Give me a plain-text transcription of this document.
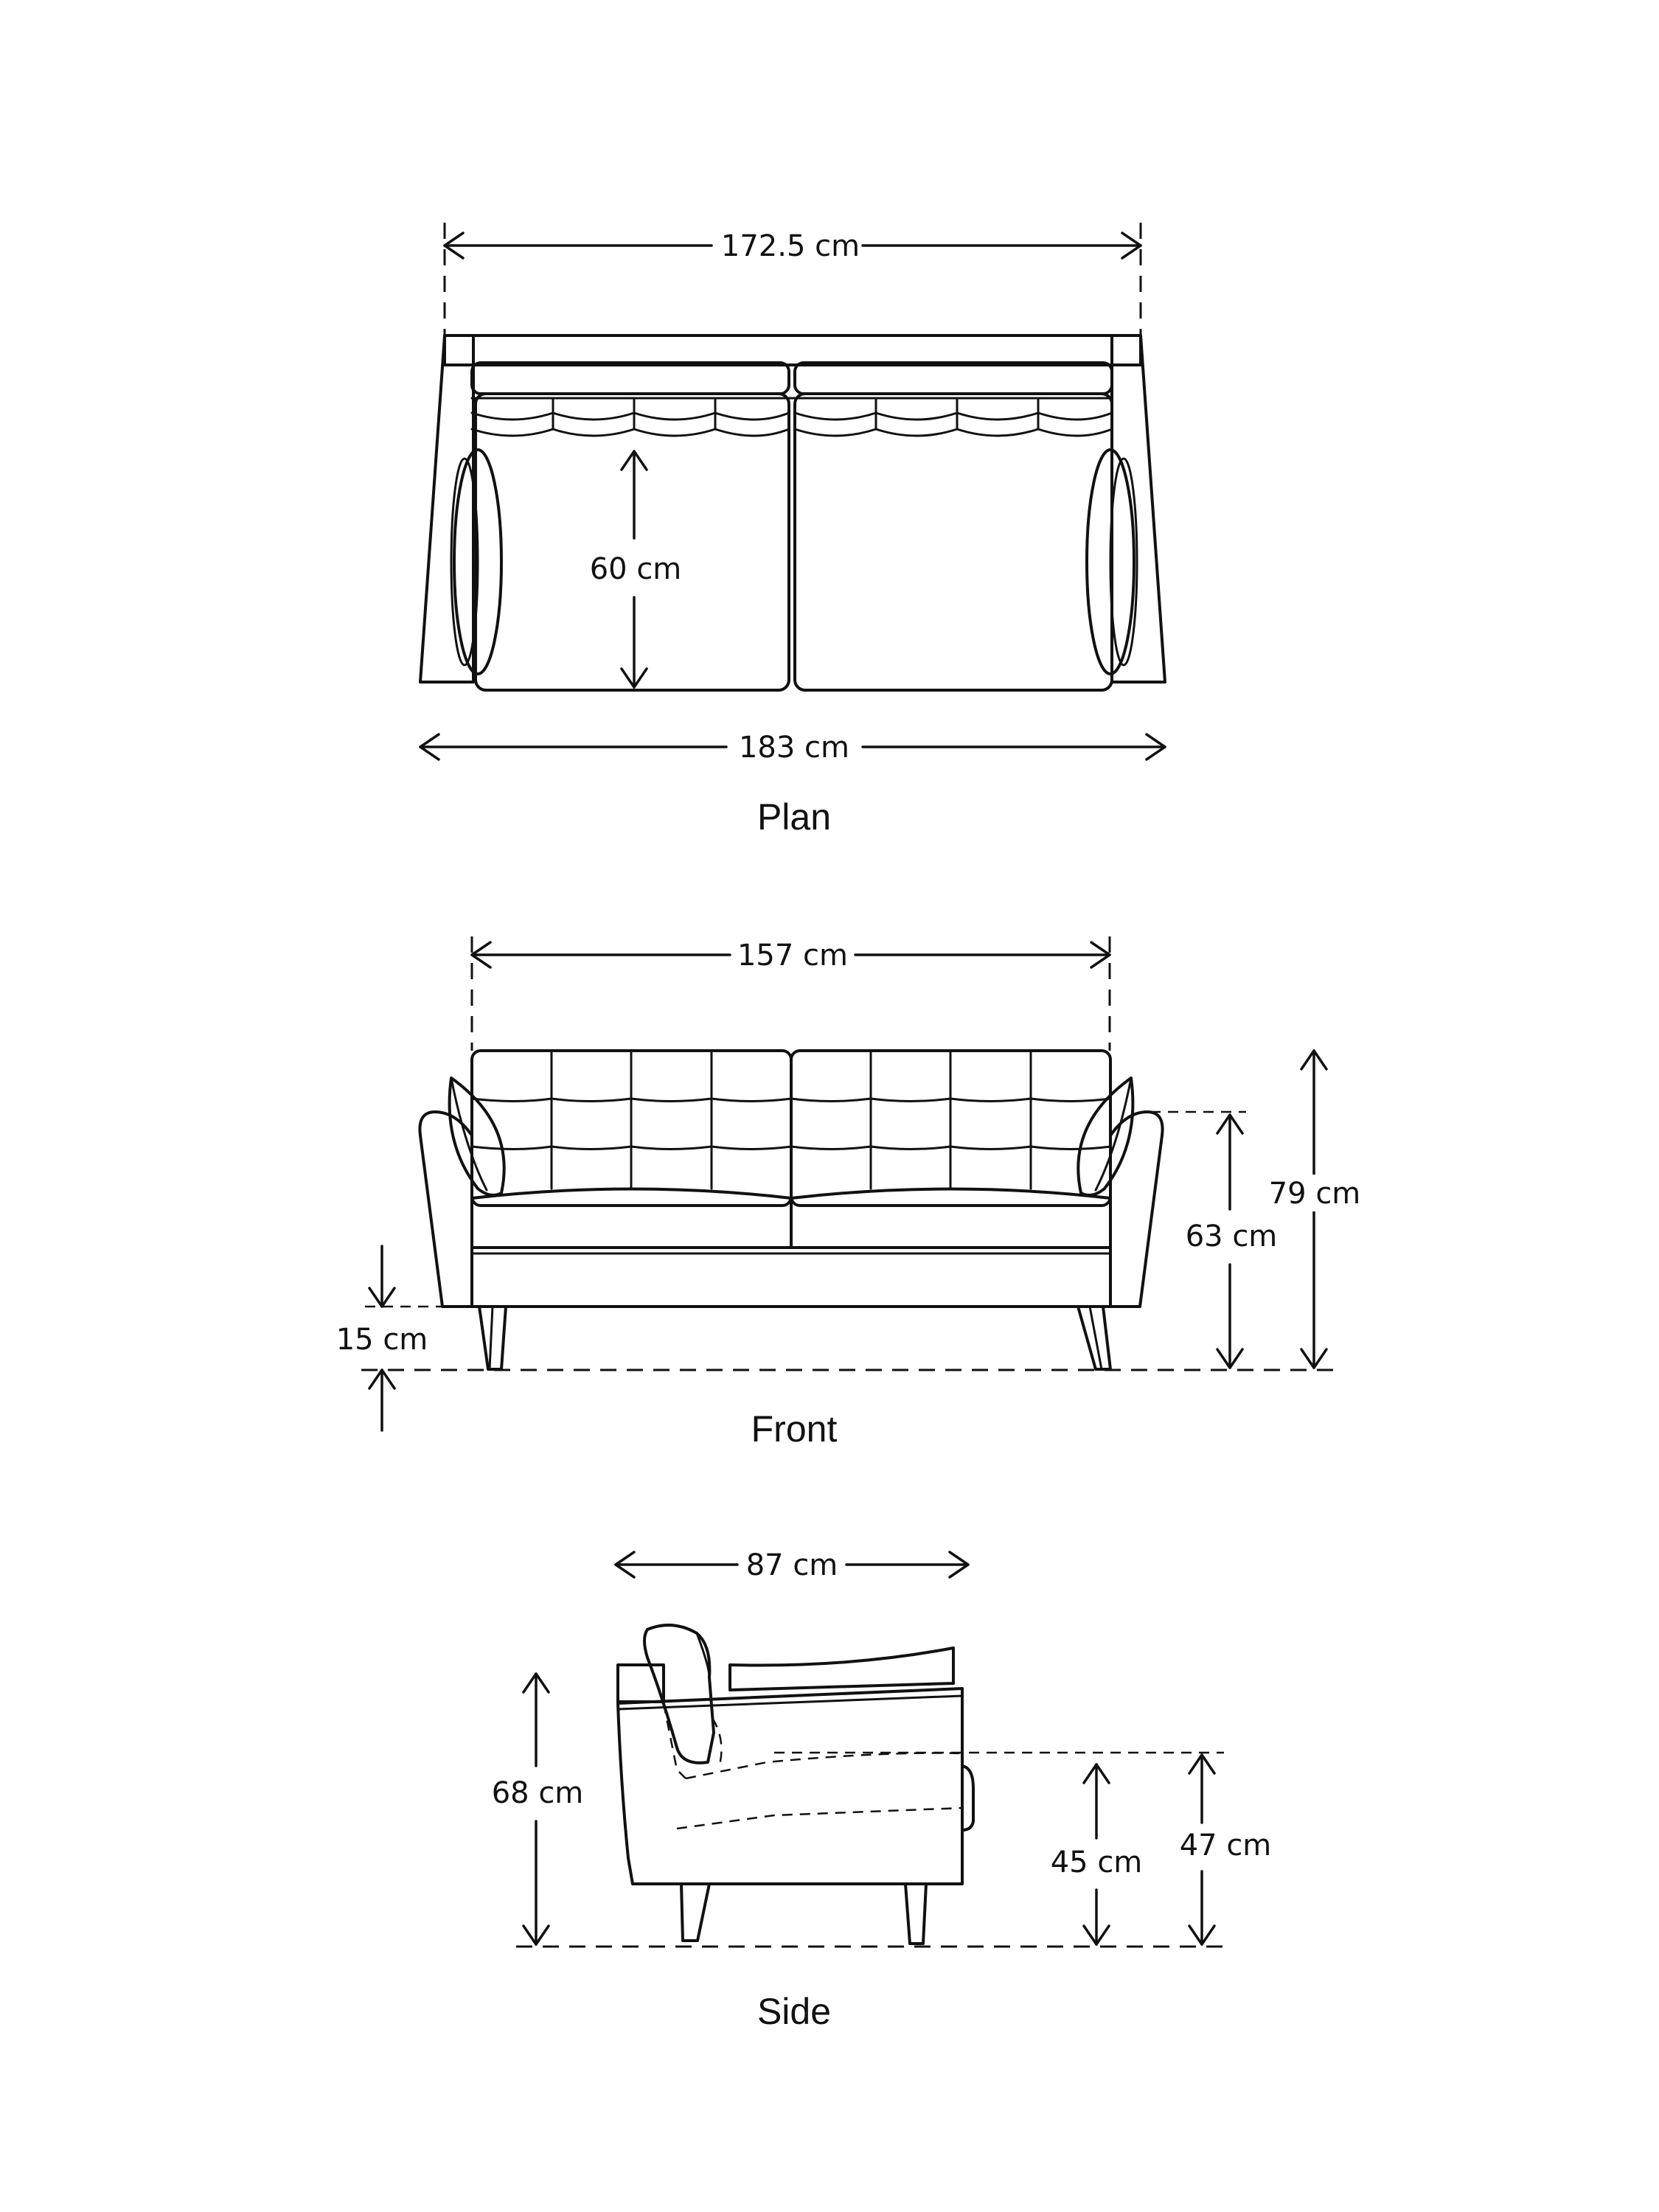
172.5 cm
60 cm
183 cm
Plan
157 cm
15 cm
63 cm
79 cm
Front
87 cm
68 cm
45 cm 47 cm
Side
